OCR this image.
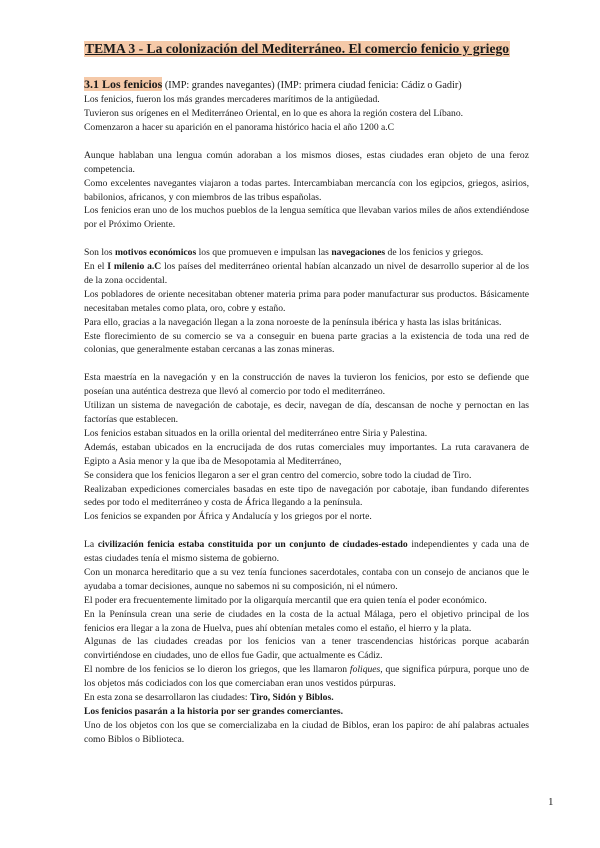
TEMA 3 - La colonización del Mediterráneo. El comercio fenicio y griego
3.1 Los fenicios (IMP: grandes navegantes) (IMP: primera ciudad fenicia: Cádiz o Gadir)

Los fenicios, fueron los más grandes mercaderes marítimos de la antigüedad.

Tuvieron sus orígenes en el Mediterráneo Oriental, en lo que es ahora la región costera del Líbano.

Comenzaron a hacer su aparición en el panorama histórico hacia el año 1200 a.C

Aunque hablaban una lengua común adoraban a los mismos dioses, estas ciudades eran objeto de una feroz competencia.

Como excelentes navegantes viajaron a todas partes. Intercambiaban mercancía con los egipcios, griegos, asirios, babilonios, africanos, y con miembros de las tribus españolas.

Los fenicios eran uno de los muchos pueblos de la lengua semítica que llevaban varios miles de años extendiéndose por el Próximo Oriente.

Son los motivos económicos los que promueven e impulsan las navegaciones de los fenicios y griegos.

En el I milenio a.C los países del mediterráneo oriental habían alcanzado un nivel de desarrollo superior al de los de la zona occidental.

Los pobladores de oriente necesitaban obtener materia prima para poder manufacturar sus productos. Básicamente necesitaban metales como plata, oro, cobre y estaño.

Para ello, gracias a la navegación llegan a la zona noroeste de la península ibérica y hasta las islas británicas.

Este florecimiento de su comercio se va a conseguir en buena parte gracias a la existencia de toda una red de colonias, que generalmente estaban cercanas a las zonas mineras.

Esta maestría en la navegación y en la construcción de naves la tuvieron los fenicios, por esto se defiende que poseían una auténtica destreza que llevó al comercio por todo el mediterráneo.

Utilizan un sistema de navegación de cabotaje, es decir, navegan de día, descansan de noche y pernoctan en las factorías que establecen.

Los fenicios estaban situados en la orilla oriental del mediterráneo entre Siria y Palestina.

Además, estaban ubicados en la encrucijada de dos rutas comerciales muy importantes. La ruta caravanera de Egipto a Asia menor y la que iba de Mesopotamia al Mediterráneo,

Se considera que los fenicios llegaron a ser el gran centro del comercio, sobre todo la ciudad de Tiro.

Realizaban expediciones comerciales basadas en este tipo de navegación por cabotaje, iban fundando diferentes sedes por todo el mediterráneo y costa de África llegando a la península.

Los fenicios se expanden por África y Andalucía y los griegos por el norte.

La civilización fenicia estaba constituida por un conjunto de ciudades-estado independientes y cada una de estas ciudades tenía el mismo sistema de gobierno.

Con un monarca hereditario que a su vez tenía funciones sacerdotales, contaba con un consejo de ancianos que le ayudaba a tomar decisiones, aunque no sabemos ni su composición, ni el número.

El poder era frecuentemente limitado por la oligarquía mercantil que era quien tenía el poder económico.

En la Península crean una serie de ciudades en la costa de la actual Málaga, pero el objetivo principal de los fenicios era llegar a la zona de Huelva, pues ahí obtenían metales como el estaño, el hierro y la plata.

Algunas de las ciudades creadas por los fenicios van a tener trascendencias históricas porque acabarán convirtiéndose en ciudades, uno de ellos fue Gadir, que actualmente es Cádiz.

El nombre de los fenicios se lo dieron los griegos, que les llamaron foliques, que significa púrpura, porque uno de los objetos más codiciados con los que comerciaban eran unos vestidos púrpuras.

En esta zona se desarrollaron las ciudades: Tiro, Sidón y Biblos.

Los fenicios pasarán a la historia por ser grandes comerciantes.

Uno de los objetos con los que se comercializaba en la ciudad de Biblos, eran los papiro: de ahí palabras actuales como Biblos o Biblioteca.

1
